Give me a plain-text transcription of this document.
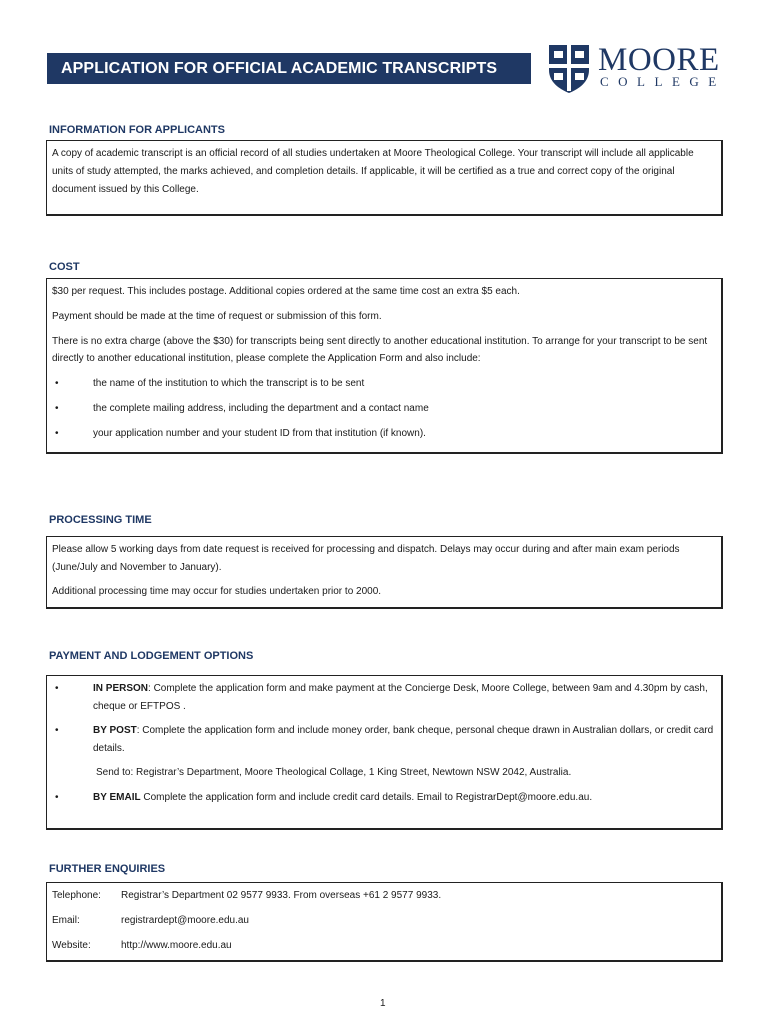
APPLICATION FOR OFFICIAL ACADEMIC TRANSCRIPTS	MOORE
COLLEGE
INFORMATION FOR APPLICANTS

A copy of academic transcript is an official record of all studies undertaken at Moore Theological College. Your transcript will include all applicable units of study attempted, the marks achieved, and completion details. If applicable, it will be certified as a true and correct copy of the original document issued by this College.

COST

$30 per request. This includes postage. Additional copies ordered at the same time cost an extra $5 each.

Payment should be made at the time of request or submission of this form.

There is no extra charge (above the $30) for transcripts being sent directly to another educational institution. To arrange for your transcript to be sent directly to another educational institution, please complete the Application Form and also include:

•	the name of the institution to which the transcript is to be sent
•	the complete mailing address, including the department and a contact name
•	your application number and your student ID from that institution (if known).
PROCESSING TIME

Please allow 5 working days from date request is received for processing and dispatch. Delays may occur during and after main exam periods (June/July and November to January).

Additional processing time may occur for studies undertaken prior to 2000.

PAYMENT AND LODGEMENT OPTIONS
•	IN PERSON: Complete the application form and make payment at the Concierge Desk, Moore College, between 9am and 4.30pm by cash, cheque or EFTPOS .
•	BY POST: Complete the application form and include money order, bank cheque, personal cheque drawn in Australian dollars, or credit card details.

Send to: Registrar’s Department, Moore Theological Collage, 1 King Street, Newtown NSW 2042, Australia.

•	BY EMAIL Complete the application form and include credit card details. Email to RegistrarDept@moore.edu.au.
FURTHER ENQUIRIES
Telephone:	Registrar’s Department 02 9577 9933. From overseas +61 2 9577 9933.
Email:	registrardept@moore.edu.au
Website:	http://www.moore.edu.au
1
